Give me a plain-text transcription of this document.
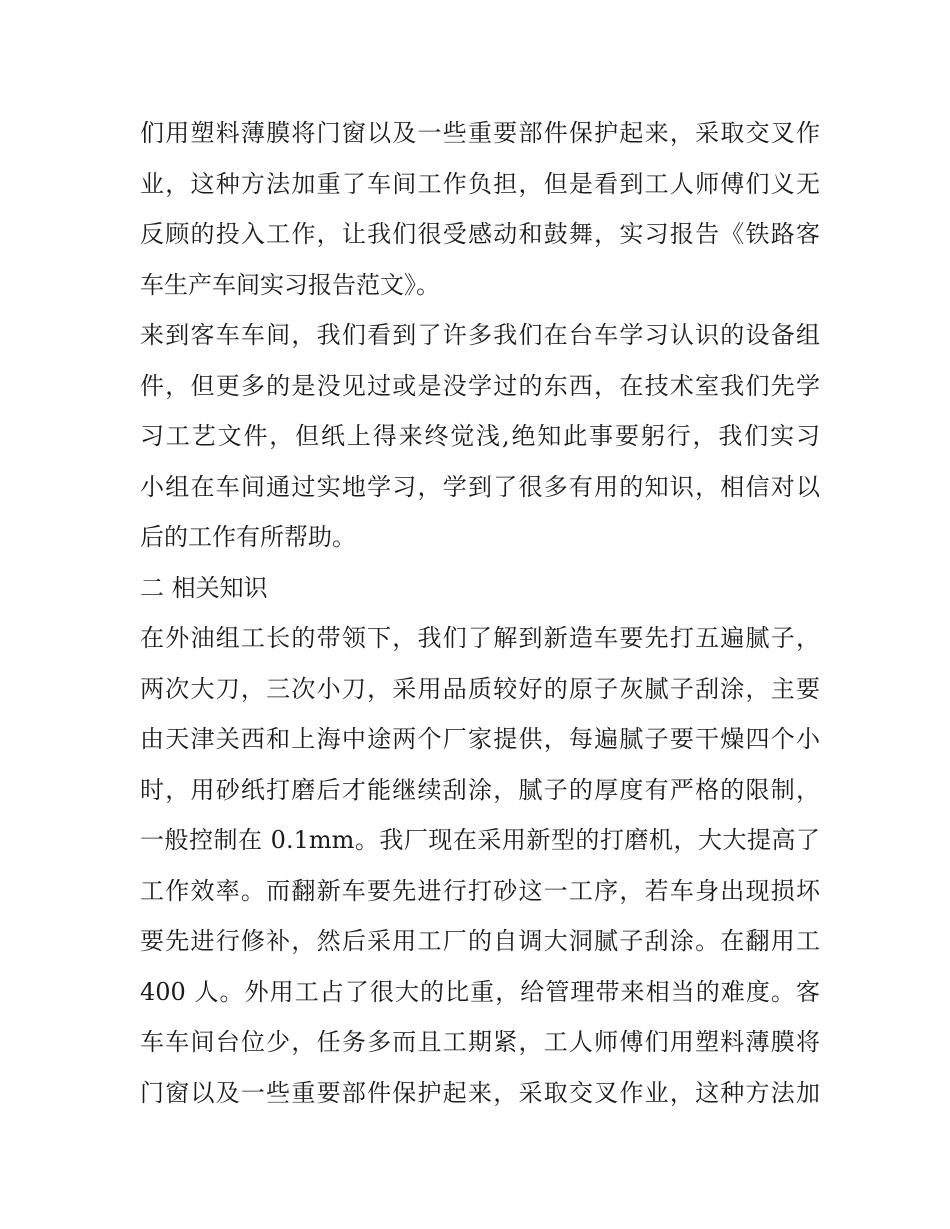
们用塑料薄膜将门窗以及一些重要部件保护起来，采取交叉作
业，这种方法加重了车间工作负担，但是看到工人师傅们义无
反顾的投入工作，让我们很受感动和鼓舞，实习报告《铁路客
车生产车间实习报告范文》。
来到客车车间，我们看到了许多我们在台车学习认识的设备组
件，但更多的是没见过或是没学过的东西，在技术室我们先学
习工艺文件，但纸上得来终觉浅,绝知此事要躬行，我们实习
小组在车间通过实地学习，学到了很多有用的知识，相信对以
后的工作有所帮助。
二 相关知识
在外油组工长的带领下，我们了解到新造车要先打五遍腻子，
两次大刀，三次小刀，采用品质较好的原子灰腻子刮涂，主要
由天津关西和上海中途两个厂家提供，每遍腻子要干燥四个小
时，用砂纸打磨后才能继续刮涂，腻子的厚度有严格的限制，
一般控制在 0.1mm。我厂现在采用新型的打磨机，大大提高了
工作效率。而翻新车要先进行打砂这一工序，若车身出现损坏
要先进行修补，然后采用工厂的自调大洞腻子刮涂。在翻用工
400 人。外用工占了很大的比重，给管理带来相当的难度。客
车车间台位少，任务多而且工期紧，工人师傅们用塑料薄膜将
门窗以及一些重要部件保护起来，采取交叉作业，这种方法加
